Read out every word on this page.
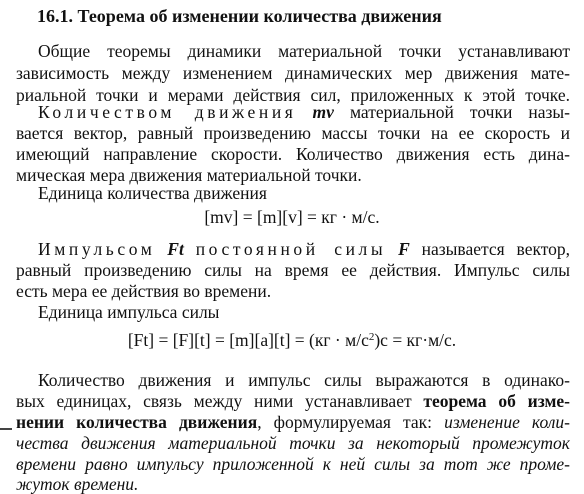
16.1. Теорема об изменении количества движения
Общие теоремы динамики материальной точки устанавливают
зависимость между изменением динамических мер движения мате-
риальной точки и мерами действия сил, приложенных к этой точке.
Количеством движения mv материальной точки назы-
вается вектор, равный произведению массы точки на ее скорость и
имеющий направление скорости. Количество движения есть дина-
мическая мера движения материальной точки.
Единица количества движения
[mv] = [m][v] = кг · м/с.
Импульсом Ft постоянной силы F называется вектор,
равный произведению силы на время ее действия. Импульс силы
есть мера ее действия во времени.
Единица импульса силы
$[Ft] = [F][t] = [m][a][t] = (кг \cdot м/с^2)с = кг\cdot м/с$.
Количество движения и импульс силы выражаются в одинако-
вых единицах, связь между ними устанавливает теорема об изме-
нении количества движения, формулируемая так: изменение коли-
чества движения материальной точки за некоторый промежуток
времени равно импульсу приложенной к ней силы за тот же проме-
жуток времени.
